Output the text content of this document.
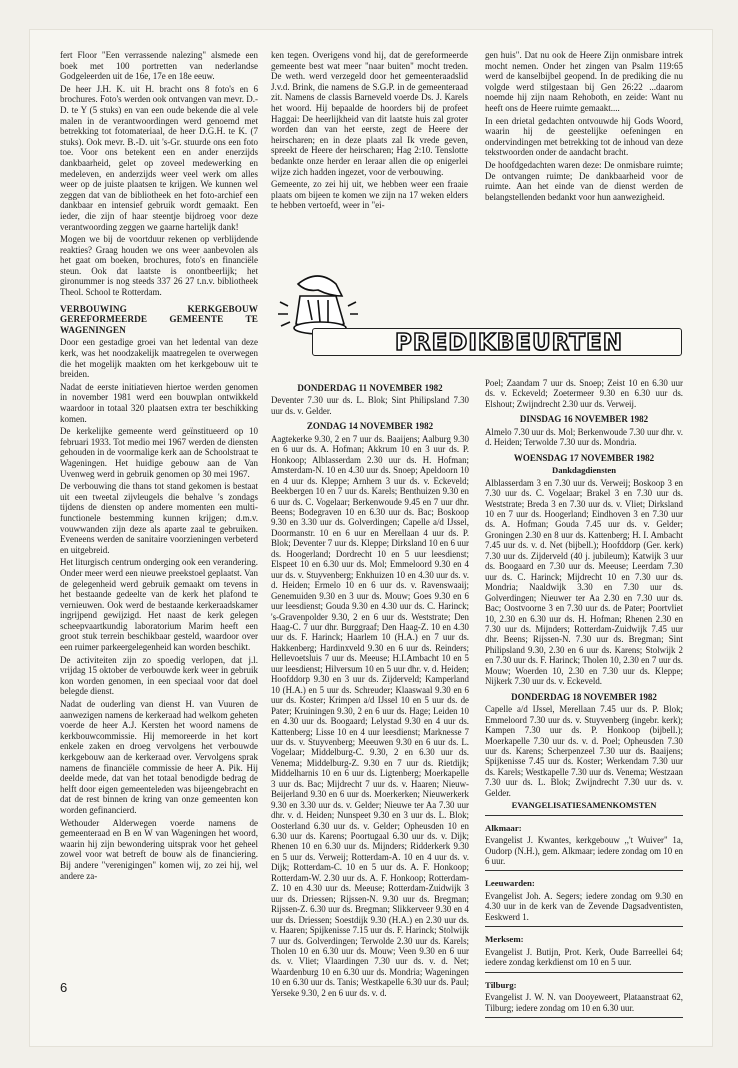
fert Floor "Een verrassende nalezing" alsmede een boek met 100 portretten van nederlandse Godgeleerden uit de 16e, 17e en 18e eeuw.

De heer J.H. K. uit H. bracht ons 8 foto's en 6 brochures. Foto's werden ook ontvangen van mevr. D.-D. te Y (5 stuks) en van een oude bekende die al vele malen in de verantwoordingen werd genoemd met betrekking tot fotomateriaal, de heer D.G.H. te K. (7 stuks). Ook mevr. B.-D. uit 's-Gr. stuurde ons een foto toe. Voor ons betekent een en ander enerzijds dankbaarheid, gelet op zoveel medewerking en medeleven, en anderzijds weer veel werk om alles weer op de juiste plaatsen te krijgen. We kunnen wel zeggen dat van de bibliotheek en het foto-archief een dankbaar en intensief gebruik wordt gemaakt. Een ieder, die zijn of haar steentje bijdroeg voor deze verantwoording zeggen we gaarne hartelijk dank!

Mogen we bij de voortduur rekenen op verblijdende reakties? Graag houden we ons weer aanbevolen als het gaat om boeken, brochures, foto's en financiële steun. Ook dat laatste is onontbeerlijk; het gironummer is nog steeds 337 26 27 t.n.v. bibliotheek Theol. School te Rotterdam.

VERBOUWING KERKGEBOUW GEREFORMEERDE GEMEENTE TE WAGENINGEN

Door een gestadige groei van het ledental van deze kerk, was het noodzakelijk maatregelen te overwegen die het mogelijk maakten om het kerkgebouw uit te breiden.

Nadat de eerste initiatieven hiertoe werden genomen in november 1981 werd een bouwplan ontwikkeld waardoor in totaal 320 plaatsen extra ter beschikking komen.

De kerkelijke gemeente werd geïnstitueerd op 10 februari 1933. Tot medio mei 1967 werden de diensten gehouden in de voormalige kerk aan de Schoolstraat te Wageningen. Het huidige gebouw aan de Van Uvenweg werd in gebruik genomen op 30 mei 1967.

De verbouwing die thans tot stand gekomen is bestaat uit een tweetal zijvleugels die behalve 's zondags tijdens de diensten op andere momenten een multi-functionele bestemming kunnen krijgen; d.m.v. vouwwanden zijn deze als aparte zaal te gebruiken. Eveneens werden de sanitaire voorzieningen verbeterd en uitgebreid.

Het liturgisch centrum onderging ook een verandering. Onder meer werd een nieuwe preekstoel geplaatst. Van de gelegenheid werd gebruik gemaakt om tevens in het bestaande gedeelte van de kerk het plafond te vernieuwen. Ook werd de bestaande kerkeraadskamer ingrijpend gewijzigd. Het naast de kerk gelegen scheepvaartkundig laboratorium Marim heeft een groot stuk terrein beschikbaar gesteld, waardoor over een ruimer parkeergelegenheid kan worden beschikt.

De activiteiten zijn zo spoedig verlopen, dat j.l. vrijdag 15 oktober de verbouwde kerk weer in gebruik kon worden genomen, in een speciaal voor dat doel belegde dienst.

Nadat de ouderling van dienst H. van Vuuren de aanwezigen namens de kerkeraad had welkom geheten voerde de heer A.J. Kersten het woord namens de kerkbouwcommissie. Hij memoreerde in het kort enkele zaken en droeg vervolgens het verbouwde kerkgebouw aan de kerkeraad over. Vervolgens sprak namens de financiële commissie de heer A. Pik. Hij deelde mede, dat van het totaal benodigde bedrag de helft door eigen gemeenteleden was bijeengebracht en dat de rest binnen de kring van onze gemeenten kon worden gefinancierd.

Wethouder Alderwegen voerde namens de gemeenteraad en B en W van Wageningen het woord, waarin hij zijn bewondering uitsprak voor het geheel zowel voor wat betreft de bouw als de financiering. Bij andere "verenigingen" komen wij, zo zei hij, wel andere za-

ken tegen. Overigens vond hij, dat de gereformeerde gemeente best wat meer "naar buiten" mocht treden. De weth. werd verzegeld door het gemeenteraadslid J.v.d. Brink, die namens de S.G.P. in de gemeenteraad zit. Namens de classis Barneveld voerde Ds. J. Karels het woord. Hij bepaalde de hoorders bij de profeet Haggai: De heerlijkheid van dit laatste huis zal groter worden dan van het eerste, zegt de Heere der heirscharen; en in deze plaats zal Ik vrede geven, spreekt de Heere der heirscharen; Hag 2:10. Tenslotte bedankte onze herder en leraar allen die op enigerlei wijze zich hadden ingezet, voor de verbouwing.

Gemeente, zo zei hij uit, we hebben weer een fraaie plaats om bijeen te komen we zijn na 17 weken elders te hebben vertoefd, weer in "ei-

gen huis". Dat nu ook de Heere Zijn onmisbare intrek mocht nemen. Onder het zingen van Psalm 119:65 werd de kanselbijbel geopend. In de prediking die nu volgde werd stilgestaan bij Gen 26:22 ...daarom noemde hij zijn naam Rehoboth, en zeide: Want nu heeft ons de Heere ruimte gemaakt....

In een drietal gedachten ontvouwde hij Gods Woord, waarin hij de geestelijke oefeningen en ondervindingen met betrekking tot de inhoud van deze tekstwoorden onder de aandacht bracht.

De hoofdgedachten waren deze: De onmisbare ruimte; De ontvangen ruimte; De dankbaarheid voor de ruimte. Aan het einde van de dienst werden de belangstellenden bedankt voor hun aanwezigheid.

PREDIKBEURTEN
DONDERDAG 11 NOVEMBER 1982

Deventer 7.30 uur ds. L. Blok; Sint Philipsland 7.30 uur ds. v. Gelder.

ZONDAG 14 NOVEMBER 1982

Aagtekerke 9.30, 2 en 7 uur ds. Baaijens; Aalburg 9.30 en 6 uur ds. A. Hofman; Akkrum 10 en 3 uur ds. P. Honkoop; Alblasserdam 2.30 uur ds. H. Hofman; Amsterdam-N. 10 en 4.30 uur ds. Snoep; Apeldoorn 10 en 4 uur ds. Kleppe; Arnhem 3 uur ds. v. Eckeveld; Beekbergen 10 en 7 uur ds. Karels; Benthuizen 9.30 en 6 uur ds. C. Vogelaar; Berkenwoude 9.45 en 7 uur dhr. Beens; Bodegraven 10 en 6.30 uur ds. Bac; Boskoop 9.30 en 3.30 uur ds. Golverdingen; Capelle a/d IJssel, Doormanstr. 10 en 6 uur en Merellaan 4 uur ds. P. Blok; Deventer 7 uur ds. Kleppe; Dirksland 10 en 6 uur ds. Hoogerland; Dordrecht 10 en 5 uur leesdienst; Elspeet 10 en 6.30 uur ds. Mol; Emmeloord 9.30 en 4 uur ds. v. Stuyvenberg; Enkhuizen 10 en 4.30 uur ds. v. d. Heiden; Ermelo 10 en 6 uur ds. v. Ravenswaaij; Genemuiden 9.30 en 3 uur ds. Mouw; Goes 9.30 en 6 uur leesdienst; Gouda 9.30 en 4.30 uur ds. C. Harinck; 's-Gravenpolder 9.30, 2 en 6 uur ds. Weststrate; Den Haag-C. 7 uur dhr. Burggraaf; Den Haag-Z. 10 en 4.30 uur ds. F. Harinck; Haarlem 10 (H.A.) en 7 uur ds. Hakkenberg; Hardinxveld 9.30 en 6 uur ds. Reinders; Hellevoetsluis 7 uur ds. Meeuse; H.I.Ambacht 10 en 5 uur leesdienst; Hilversum 10 en 5 uur dhr. v. d. Heiden; Hoofddorp 9.30 en 3 uur ds. Zijderveld; Kamperland 10 (H.A.) en 5 uur ds. Schreuder; Klaaswaal 9.30 en 6 uur ds. Koster; Krimpen a/d IJssel 10 en 5 uur ds. de Pater; Kruiningen 9.30, 2 en 6 uur ds. Hage; Leiden 10 en 4.30 uur ds. Boogaard; Lelystad 9.30 en 4 uur ds. Kattenberg; Lisse 10 en 4 uur leesdienst; Marknesse 7 uur ds. v. Stuyvenberg; Meeuwen 9.30 en 6 uur ds. L. Vogelaar; Middelburg-C. 9.30, 2 en 6.30 uur ds. Venema; Middelburg-Z. 9.30 en 7 uur ds. Rietdijk; Middelharnis 10 en 6 uur ds. Ligtenberg; Moerkapelle 3 uur ds. Bac; Mijdrecht 7 uur ds. v. Haaren; Nieuw-Beijerland 9.30 en 6 uur ds. Moerkerken; Nieuwerkerk 9.30 en 3.30 uur ds. v. Gelder; Nieuwe ter Aa 7.30 uur dhr. v. d. Heiden; Nunspeet 9.30 en 3 uur ds. L. Blok; Oosterland 6.30 uur ds. v. Gelder; Opheusden 10 en 6.30 uur ds. Karens; Poortugaal 6.30 uur ds. v. Dijk; Rhenen 10 en 6.30 uur ds. Mijnders; Ridderkerk 9.30 en 5 uur ds. Verweij; Rotterdam-A. 10 en 4 uur ds. v. Dijk; Rotterdam-C. 10 en 5 uur ds. A. F. Honkoop; Rotterdam-W. 2.30 uur ds. A. F. Honkoop; Rotterdam-Z. 10 en 4.30 uur ds. Meeuse; Rotterdam-Zuidwijk 3 uur ds. Driessen; Rijssen-N. 9.30 uur ds. Bregman; Rijssen-Z. 6.30 uur ds. Bregman; Slikkerveer 9.30 en 4 uur ds. Driessen; Soestdijk 9.30 (H.A.) en 2.30 uur ds. v. Haaren; Spijkenisse 7.15 uur ds. F. Harinck; Stolwijk 7 uur ds. Golverdingen; Terwolde 2.30 uur ds. Karels; Tholen 10 en 6.30 uur ds. Mouw; Veen 9.30 en 6 uur ds. v. Vliet; Vlaardingen 7.30 uur ds. v. d. Net; Waardenburg 10 en 6.30 uur ds. Mondria; Wageningen 10 en 6.30 uur ds. Tanis; Westkapelle 6.30 uur ds. Paul; Yerseke 9.30, 2 en 6 uur ds. v. d.

Poel; Zaandam 7 uur ds. Snoep; Zeist 10 en 6.30 uur ds. v. Eckeveld; Zoetermeer 9.30 en 6.30 uur ds. Elshout; Zwijndrecht 2.30 uur ds. Verweij.

DINSDAG 16 NOVEMBER 1982

Almelo 7.30 uur ds. Mol; Berkenwoude 7.30 uur dhr. v. d. Heiden; Terwolde 7.30 uur ds. Mondria.

WOENSDAG 17 NOVEMBER 1982
Dankdagdiensten

Alblasserdam 3 en 7.30 uur ds. Verweij; Boskoop 3 en 7.30 uur ds. C. Vogelaar; Brakel 3 en 7.30 uur ds. Weststrate; Breda 3 en 7.30 uur ds. v. Vliet; Dirksland 10 en 7 uur ds. Hoogerland; Eindhoven 3 en 7.30 uur ds. A. Hofman; Gouda 7.45 uur ds. v. Gelder; Groningen 2.30 en 8 uur ds. Kattenberg; H. I. Ambacht 7.45 uur ds. v. d. Net (bijbell.); Hoofddorp (Ger. kerk) 7.30 uur ds. Zijderveld (40 j. jubileum); Katwijk 3 uur ds. Boogaard en 7.30 uur ds. Meeuse; Leerdam 7.30 uur ds. C. Harinck; Mijdrecht 10 en 7.30 uur ds. Mondria; Naaldwijk 3.30 en 7.30 uur ds. Golverdingen; Nieuwer ter Aa 2.30 en 7.30 uur ds. Bac; Oostvoorne 3 en 7.30 uur ds. de Pater; Poortvliet 10, 2.30 en 6.30 uur ds. H. Hofman; Rhenen 2.30 en 7.30 uur ds. Mijnders; Rotterdam-Zuidwijk 7.45 uur dhr. Beens; Rijssen-N. 7.30 uur ds. Bregman; Sint Philipsland 9.30, 2.30 en 6 uur ds. Karens; Stolwijk 2 en 7.30 uur ds. F. Harinck; Tholen 10, 2.30 en 7 uur ds. Mouw; Woerden 10, 2.30 en 7.30 uur ds. Kleppe; Nijkerk 7.30 uur ds. v. Eckeveld.

DONDERDAG 18 NOVEMBER 1982

Capelle a/d IJssel, Merellaan 7.45 uur ds. P. Blok; Emmeloord 7.30 uur ds. v. Stuyvenberg (ingebr. kerk); Kampen 7.30 uur ds. P. Honkoop (bijbell.); Moerkapelle 7.30 uur ds. v. d. Poel; Opheusden 7.30 uur ds. Karens; Scherpenzeel 7.30 uur ds. Baaijens; Spijkenisse 7.45 uur ds. Koster; Werkendam 7.30 uur ds. Karels; Westkapelle 7.30 uur ds. Venema; Westzaan 7.30 uur ds. L. Blok; Zwijndrecht 7.30 uur ds. v. Gelder.

EVANGELISATIESAMENKOMSTEN
Alkmaar:

Evangelist J. Kwantes, kerkgebouw ,,'t Wuiver" 1a, Oudorp (N.H.), gem. Alkmaar; iedere zondag om 10 en 6 uur.

Leeuwarden:

Evangelist Joh. A. Segers; iedere zondag om 9.30 en 4.30 uur in de kerk van de Zevende Dagsadventisten, Eeskwerd 1.

Merksem:

Evangelist J. Butijn, Prot. Kerk, Oude Barreellei 64; iedere zondag kerkdienst om 10 en 5 uur.

Tilburg:

Evangelist J. W. N. van Dooyeweert, Plataanstraat 62, Tilburg; iedere zondag om 10 en 6.30 uur.

6
